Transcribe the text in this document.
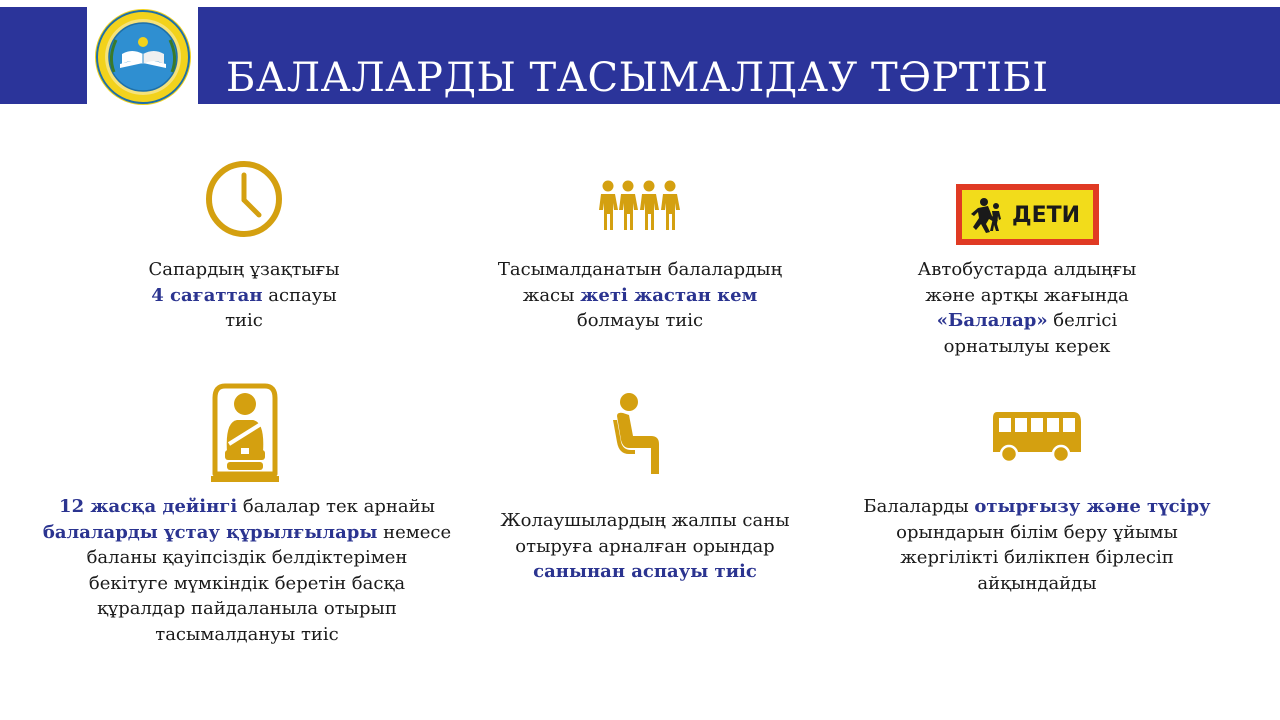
БАЛАЛАРДЫ ТАСЫМАЛДАУ ТӘРТІБІ
Сапардың ұзақтығы
4 сағаттан аспауы
тиіс
Тасымалданатын балалардың
жасы жеті жастан кем
болмауы тиіс
ДЕТИ
Автобустарда алдыңғы
және артқы жағында
«Балалар» белгісі
орнатылуы керек
12 жасқа дейінгі балалар тек арнайы
балаларды ұстау құрылғылары немесе
баланы қауіпсіздік белдіктерімен
бекітуге мүмкіндік беретін басқа
құралдар пайдаланыла отырып
тасымалдануы тиіс
Жолаушылардың жалпы саны
отыруға арналған орындар
санынан аспауы тиіс
Балаларды отырғызу және түсіру
орындарын білім беру ұйымы
жергілікті билікпен бірлесіп
айқындайды
